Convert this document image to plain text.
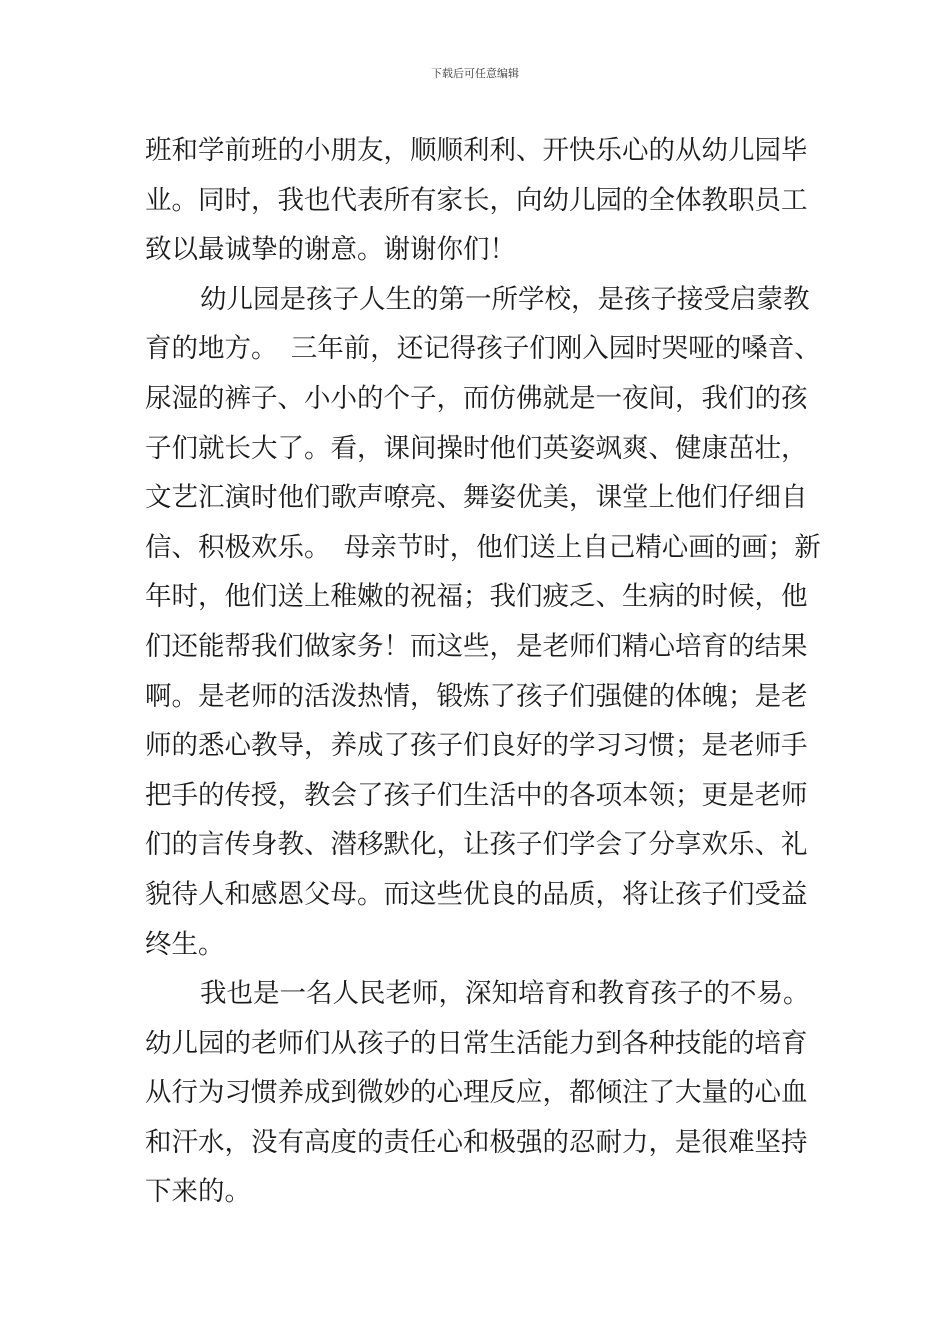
下载后可任意编辑
班和学前班的小朋友，顺顺利利、开快乐心的从幼儿园毕
业。同时，我也代表所有家长，向幼儿园的全体教职员工
致以最诚挚的谢意。谢谢你们！
幼儿园是孩子人生的第一所学校，是孩子接受启蒙教
育的地方。　三年前，还记得孩子们刚入园时哭哑的嗓音、
尿湿的裤子、小小的个子，而仿佛就是一夜间，我们的孩
子们就长大了。看，课间操时他们英姿飒爽、健康茁壮，
文艺汇演时他们歌声嘹亮、舞姿优美，课堂上他们仔细自
信、积极欢乐。　母亲节时，他们送上自己精心画的画；新
年时，他们送上稚嫩的祝福；我们疲乏、生病的时候，他
们还能帮我们做家务！而这些，是老师们精心培育的结果
啊。是老师的活泼热情，锻炼了孩子们强健的体魄；是老
师的悉心教导，养成了孩子们良好的学习习惯；是老师手
把手的传授，教会了孩子们生活中的各项本领；更是老师
们的言传身教、潜移默化，让孩子们学会了分享欢乐、礼
貌待人和感恩父母。而这些优良的品质，将让孩子们受益
终生。
我也是一名人民老师，深知培育和教育孩子的不易。
幼儿园的老师们从孩子的日常生活能力到各种技能的培育
从行为习惯养成到微妙的心理反应，都倾注了大量的心血
和汗水，没有高度的责任心和极强的忍耐力，是很难坚持
下来的。
